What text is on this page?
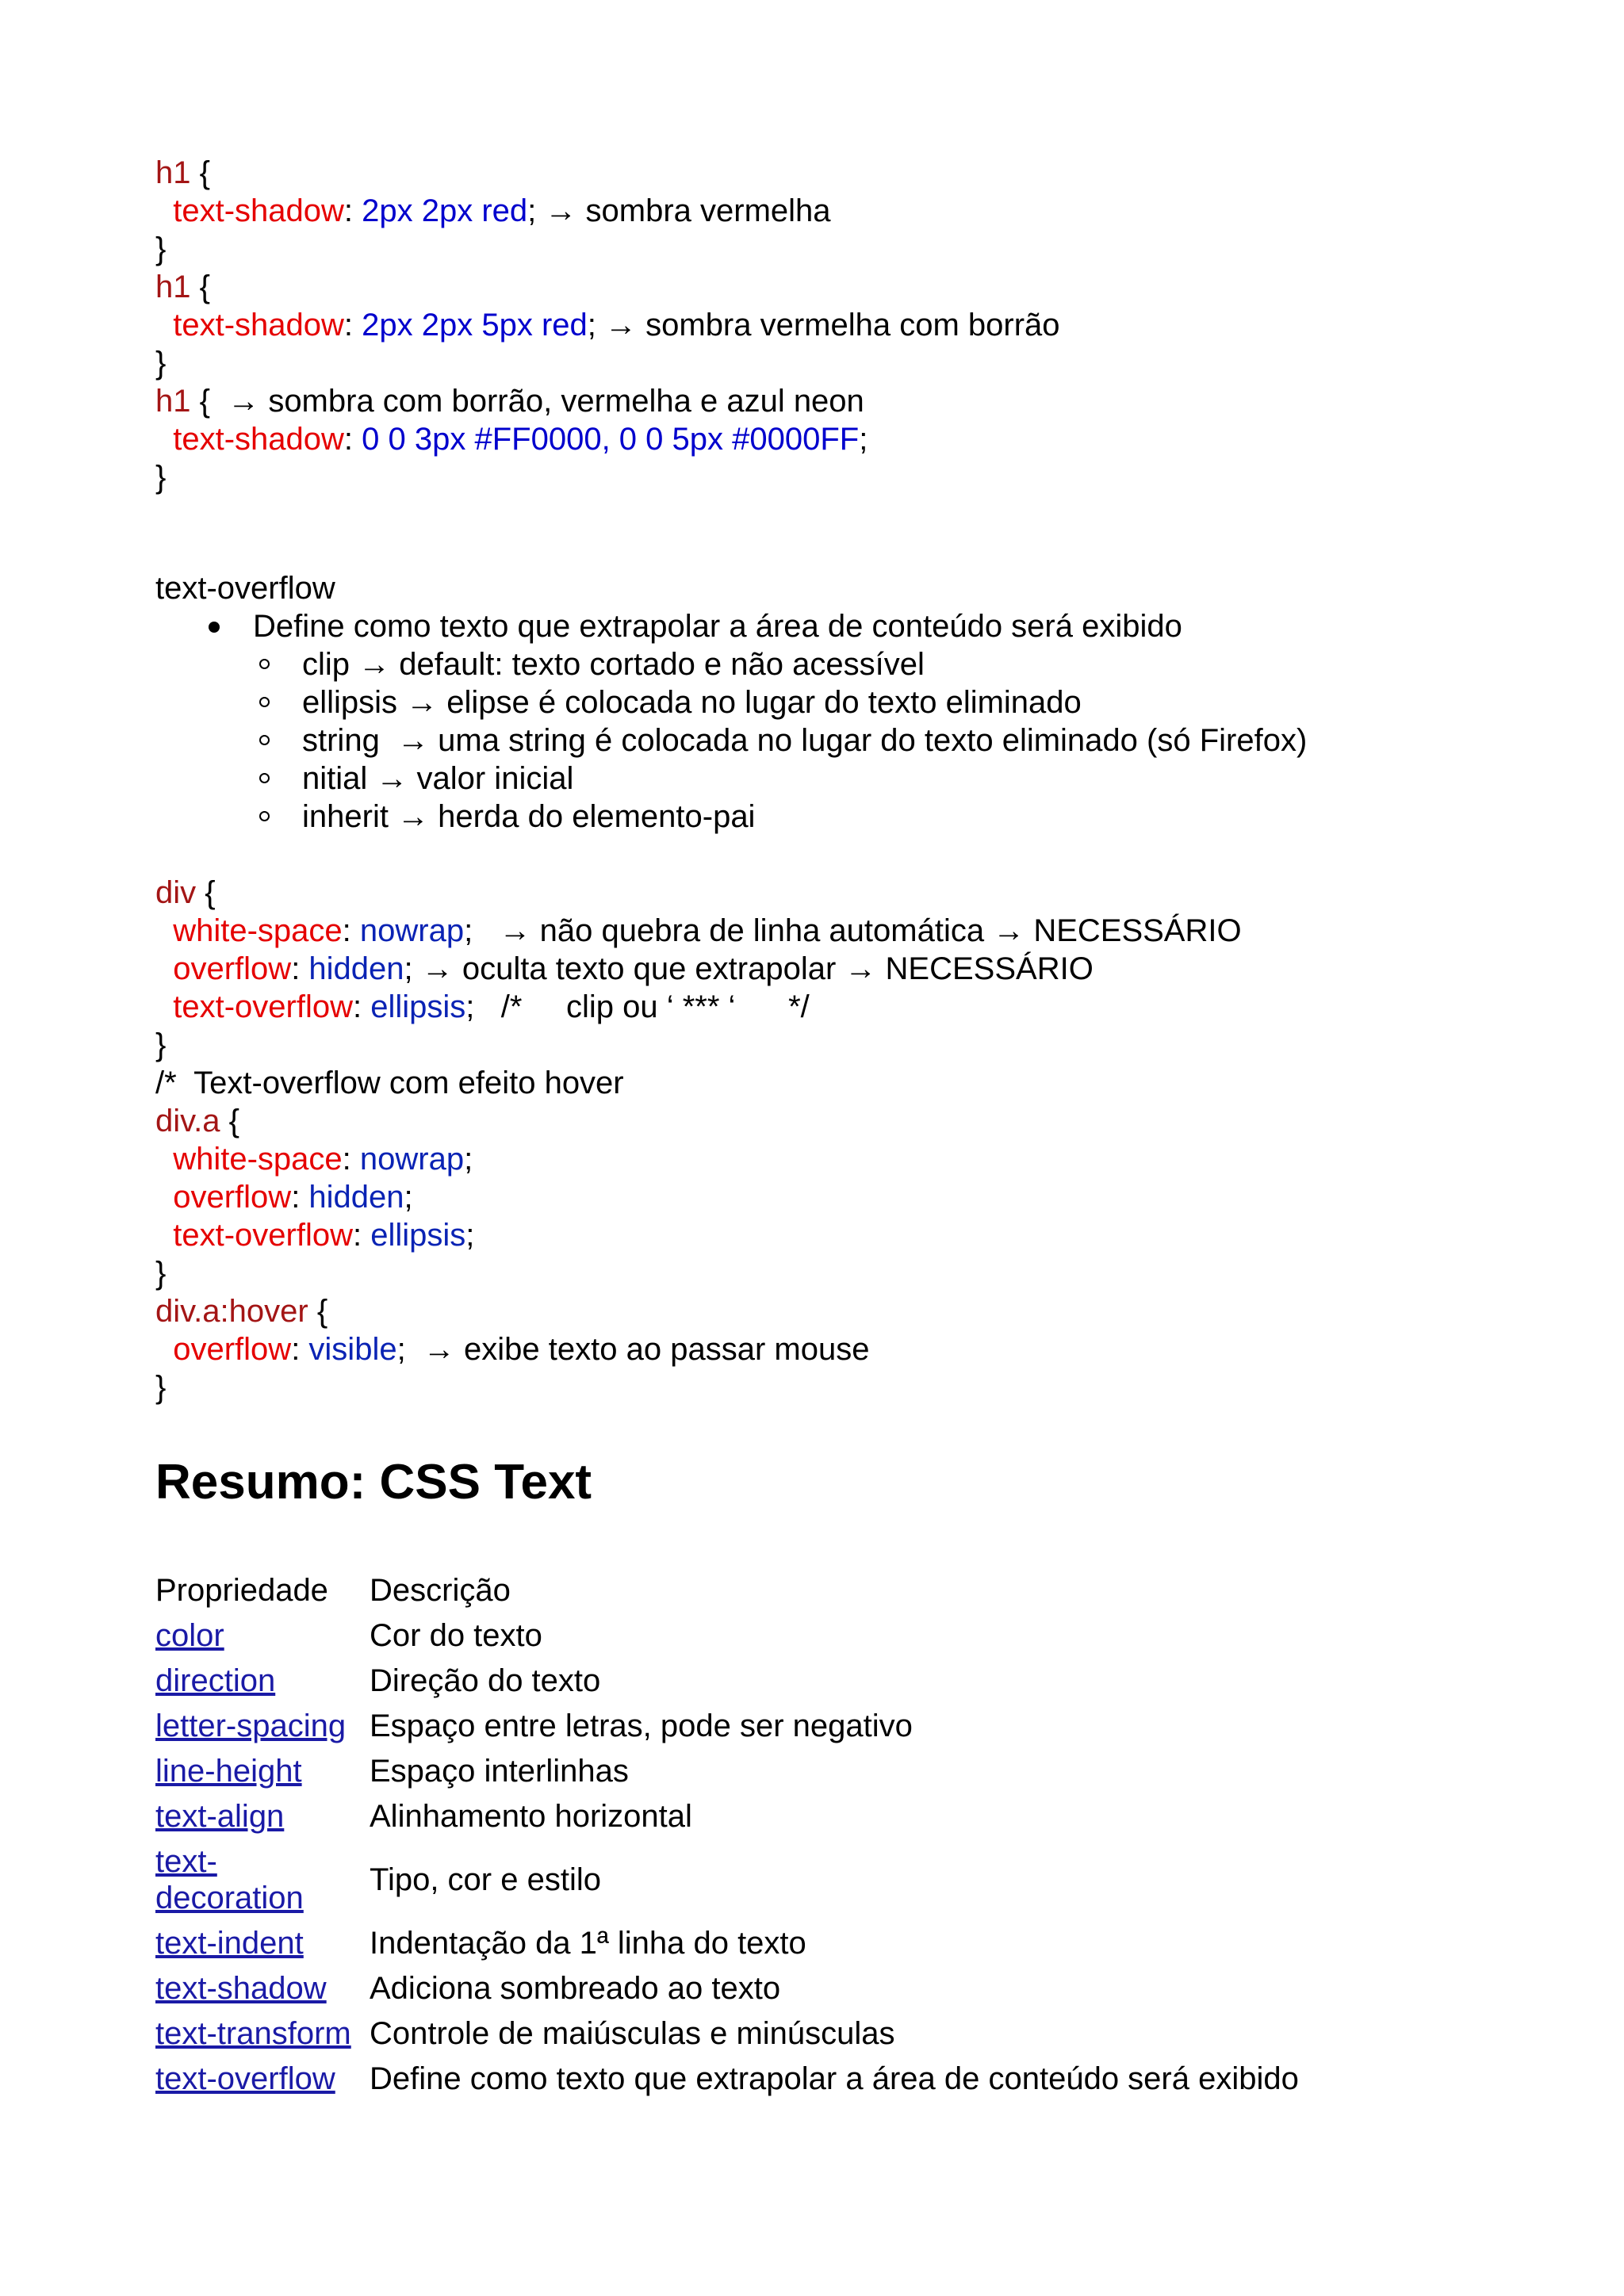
h1 {
text-shadow: 2px 2px red; → sombra vermelha
}
h1 {
text-shadow: 2px 2px 5px red; → sombra vermelha com borrão
}
h1 {  → sombra com borrão, vermelha e azul neon
text-shadow: 0 0 3px #FF0000, 0 0 5px #0000FF;
}
text-overflow
Define como texto que extrapolar a área de conteúdo será exibido
clip → default: texto cortado e não acessível
ellipsis → elipse é colocada no lugar do texto eliminado
string  → uma string é colocada no lugar do texto eliminado (só Firefox)
nitial → valor inicial
inherit → herda do elemento-pai
div {
white-space: nowrap;   → não quebra de linha automática → NECESSÁRIO
overflow: hidden; → oculta texto que extrapolar → NECESSÁRIO
text-overflow: ellipsis;   /*     clip ou ‘ *** ‘      */
}
/*  Text-overflow com efeito hover
div.a {
white-space: nowrap;
overflow: hidden;
text-overflow: ellipsis;
}
div.a:hover {
overflow: visible;  → exibe texto ao passar mouse
}
Resumo: CSS Text
Propriedade	Descrição
color	Cor do texto
direction	Direção do texto
letter-spacing	Espaço entre letras, pode ser negativo
line-height	Espaço interlinhas
text-align	Alinhamento horizontal
text-
decoration	Tipo, cor e estilo
text-indent	Indentação da 1ª linha do texto
text-shadow	Adiciona sombreado ao texto
text-transform	Controle de maiúsculas e minúsculas
text-overflow	Define como texto que extrapolar a área de conteúdo será exibido
